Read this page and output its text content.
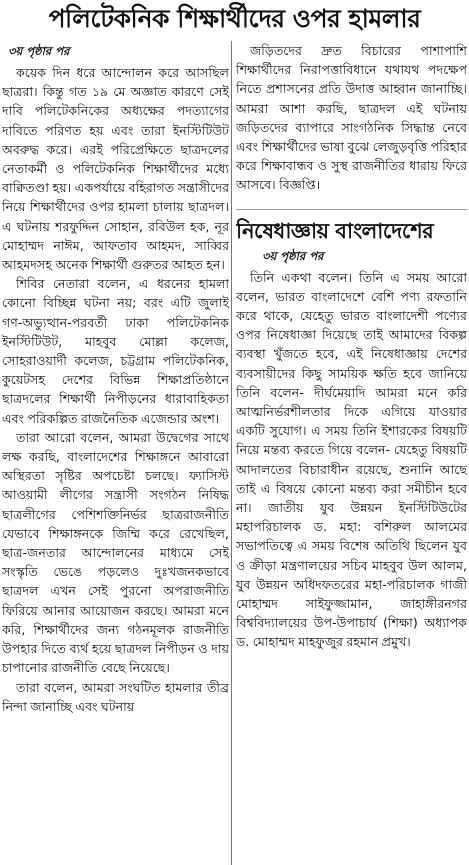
পলিটেকনিক শিক্ষার্থীদের ওপর হামলার
৩য় পৃষ্ঠার পর

কয়েক দিন ধরে আন্দোলন করে আসছিল ছাত্ররা। কিন্তু গত ১৯ মে অজ্ঞাত কারণে সেই দাবি পলিটেকনিকের অধ্যক্ষের পদত্যাগের দাবিতে পরিণত হয় এবং তারা ইনস্টিটিউট অবরুদ্ধ করে। এরই পরিপ্রেক্ষিতে ছাত্রদলের নেতাকর্মী ও পলিটেকনিক শিক্ষার্থীদের মধ্যে বাক্বিতণ্ডা হয়। একপর্যায়ে বহিরাগত সন্ত্রাসীদের নিয়ে শিক্ষার্থীদের ওপর হামলা চালায় ছাত্রদল। এ ঘটনায় শরফুদ্দিন সোহান, রবিউল হক, নূর মোহাম্মদ নাঈম, আফতাব আহমদ, সাব্বির আহমদসহ অনেক শিক্ষার্থী গুরুতর আহত হন।

শিবির নেতারা বলেন, এ ধরনের হামলা কোনো বিচ্ছিন্ন ঘটনা নয়; বরং এটি জুলাই গণ-অভ্যুত্থান-পরবর্তী ঢাকা পলিটেকনিক ইনস্টিটিউট, মাহবুব মোল্লা কলেজ, সোহরাওয়ার্দী কলেজ, চট্টগ্রাম পলিটেকনিক, কুয়েটসহ দেশের বিভিন্ন শিক্ষাপ্রতিষ্ঠানে ছাত্রদলের শিক্ষার্থী নিপীড়নের ধারাবাহিকতা এবং পরিকল্পিত রাজনৈতিক এজেন্ডার অংশ।

তারা আরো বলেন, আমরা উদ্বেগের সাথে লক্ষ করছি, বাংলাদেশের শিক্ষাঙ্গনে আবারো অস্থিরতা সৃষ্টির অপচেষ্টা চলছে। ফ্যাসিস্ট আওয়ামী লীগের সন্ত্রাসী সংগঠন নিষিদ্ধ ছাত্রলীগের পেশিশক্তিনির্ভর ছাত্ররাজনীতি যেভাবে শিক্ষাঙ্গনকে জিম্মি করে রেখেছিল, ছাত্র-জনতার আন্দোলনের মাধ্যমে সেই সংস্কৃতি ভেঙে পড়লেও দুঃখজনকভাবে ছাত্রদল এখন সেই পুরনো অপরাজনীতি ফিরিয়ে আনার আয়োজন করছে। আমরা মনে করি, শিক্ষার্থীদের জন্য গঠনমূলক রাজনীতি উপহার দিতে ব্যর্থ হয়ে ছাত্রদল নিপীড়ন ও দায় চাপানোর রাজনীতি বেছে নিয়েছে।

তারা বলেন, আমরা সংঘটিত হামলার তীব্র নিন্দা জানাচ্ছি এবং ঘটনায়

জড়িতদের দ্রুত বিচারের পাশাপাশি শিক্ষার্থীদের নিরাপত্তাবিধানে যথাযথ পদক্ষেপ নিতে প্রশাসনের প্রতি উদাত্ত আহ্বান জানাচ্ছি। আমরা আশা করছি, ছাত্রদল এই ঘটনায় জড়িতদের ব্যাপারে সাংগঠনিক সিদ্ধান্ত নেবে এবং শিক্ষার্থীদের ভাষা বুঝে লেজুড়বৃত্তি পরিহার করে শিক্ষাবান্ধব ও সুস্থ রাজনীতির ধারায় ফিরে আসবে। বিজ্ঞপ্তি।

নিষেধাজ্ঞায় বাংলাদেশের
৩য় পৃষ্ঠার পর

তিনি একথা বলেন। তিনি এ সময় আরো বলেন, ভারত বাংলাদেশে বেশি পণ্য রফতানি করে থাকে, যেহেতু ভারত বাংলাদেশী পণ্যের ওপর নিষেধাজ্ঞা দিয়েছে তাই আমাদের বিকল্প ব্যবস্থা খুঁজতে হবে, এই নিষেধাজ্ঞায় দেশের ব্যবসায়ীদের কিছু সাময়িক ক্ষতি হবে জানিয়ে তিনি বলেন- দীর্ঘমেয়াদি আমরা মনে করি আত্মনির্ভরশীলতার দিকে এগিয়ে যাওয়ার একটি সুযোগ। এ সময় তিনি ইশারকের বিষয়টি নিয়ে মন্তব্য করতে গিয়ে বলেন- যেহেতু বিষয়টি আদালতের বিচারাধীন রয়েছে, শুনানি আছে তাই এ বিষয়ে কোনো মন্তব্য করা সমীচীন হবে না। জাতীয় যুব উন্নয়ন ইনস্টিটিউটের মহাপরিচালক ড. মহা: বশিরুল আলমের সভাপতিত্বে এ সময় বিশেষ অতিথি ছিলেন যুব ও ক্রীড়া মন্ত্রণালয়ের সচিব মাহবুব উল আলম, যুব উন্নয়ন অধিদফতরের মহা-পরিচালক গাজী মোহাম্মদ সাইফুজ্জামান, জাহাঙ্গীরনগর বিশ্ববিদ্যালয়ের উপ-উপাচার্য (শিক্ষা) অধ্যাপক ড. মোহাম্মদ মাহফুজুর রহমান প্রমুখ।
